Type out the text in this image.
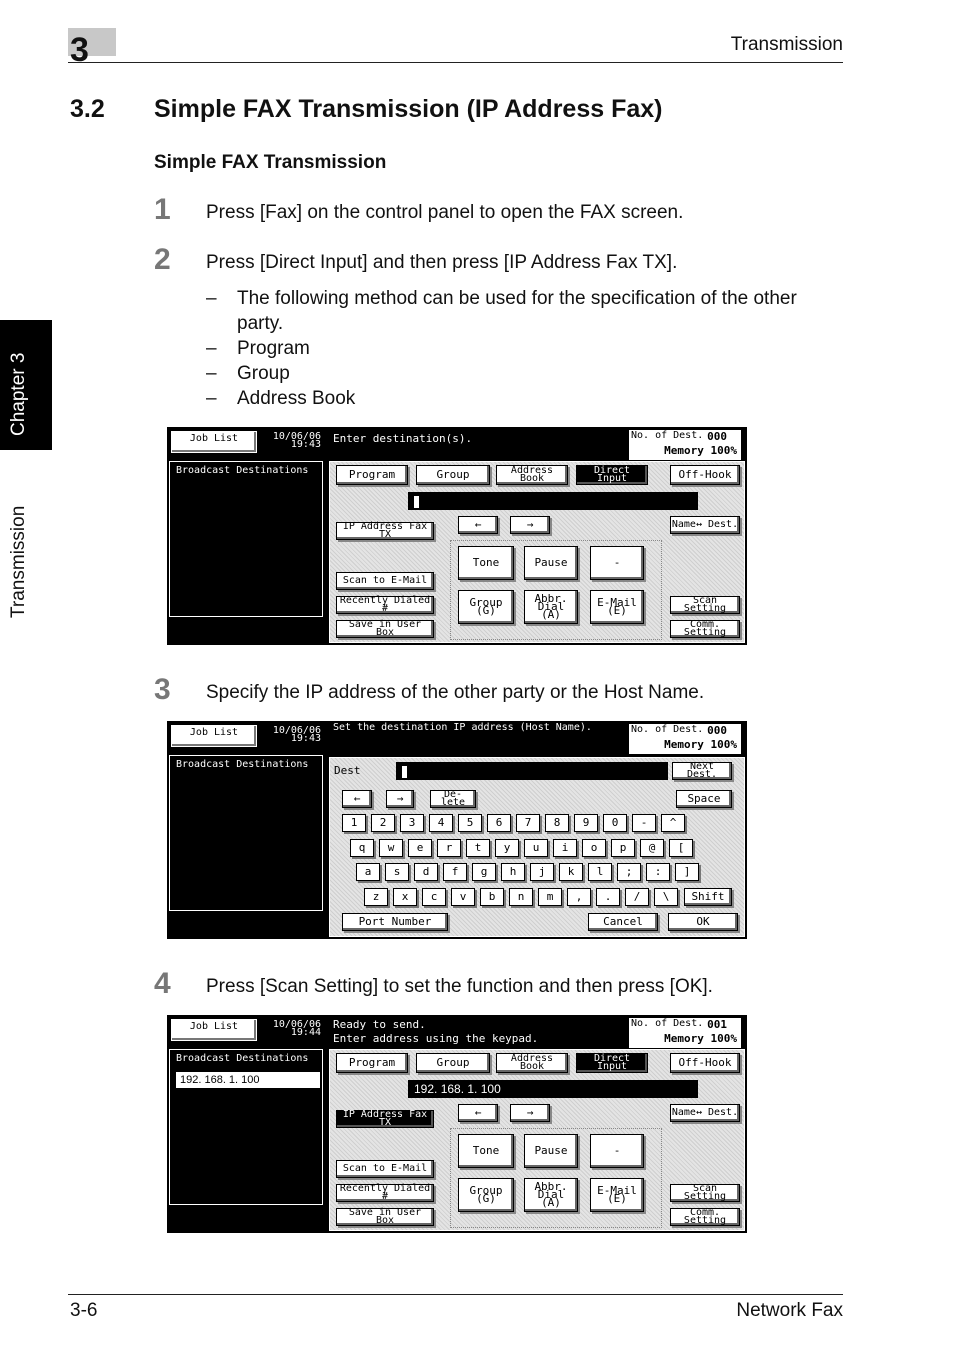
3	Transmission
Chapter 3
Transmission
3.2 Simple FAX Transmission (IP Address Fax)
Simple FAX Transmission
1 Press [Fax] on the control panel to open the FAX screen.
2 Press [Direct Input] and then press [IP Address Fax TX].
– The following method can be used for the specification of the other party.
– Program
– Group
– Address Book
Job List	10/06/06
19:43
Broadcast Destinations
Enter destination(s).	No. of Dest. 000
Memory 100%
Program	Group	Address Book
Direct Input	Off-Hook
IP Address Fax TX
←	→	Name↔ Dest.
Tone	Pause	-
Group (G)
Abbr. Dial (A)
E-Mail (E)
Scan to E-Mail
Recently Dialed #
Save in User Box
Scan Setting
Comm. Setting
3 Specify the IP address of the other party or the Host Name.
Job List	10/06/06
19:43
Broadcast Destinations
Set the destination IP address (Host Name).	No. of Dest. 000
Memory 100%
Dest	Next Dest.
←	→	De- lete	Space
1	2	3	4	5	6	7	8	9	0	-	^
q	w	e	r	t	y	u	i	o	p	@	[
a	s	d	f	g	h	j	k	l	;	:	]
z	x	c	v	b	n	m	,	.	/	\	Shift
Port Number	Cancel	OK
4 Press [Scan Setting] to set the function and then press [OK].
Job List	10/06/06
19:44
Broadcast Destinations
192. 168. 1. 100
Ready to send.
Enter address using the keypad.
No. of Dest. 001
Memory 100%
Program	Group	Address Book
Direct Input	Off-Hook
192. 168. 1. 100
IP Address Fax TX
←	→	Name↔ Dest.
Tone	Pause	-
Group (G)
Abbr. Dial (A)
E-Mail (E)
Scan to E-Mail
Recently Dialed #
Save in User Box
Scan Setting
Comm. Setting
3-6	Network Fax
